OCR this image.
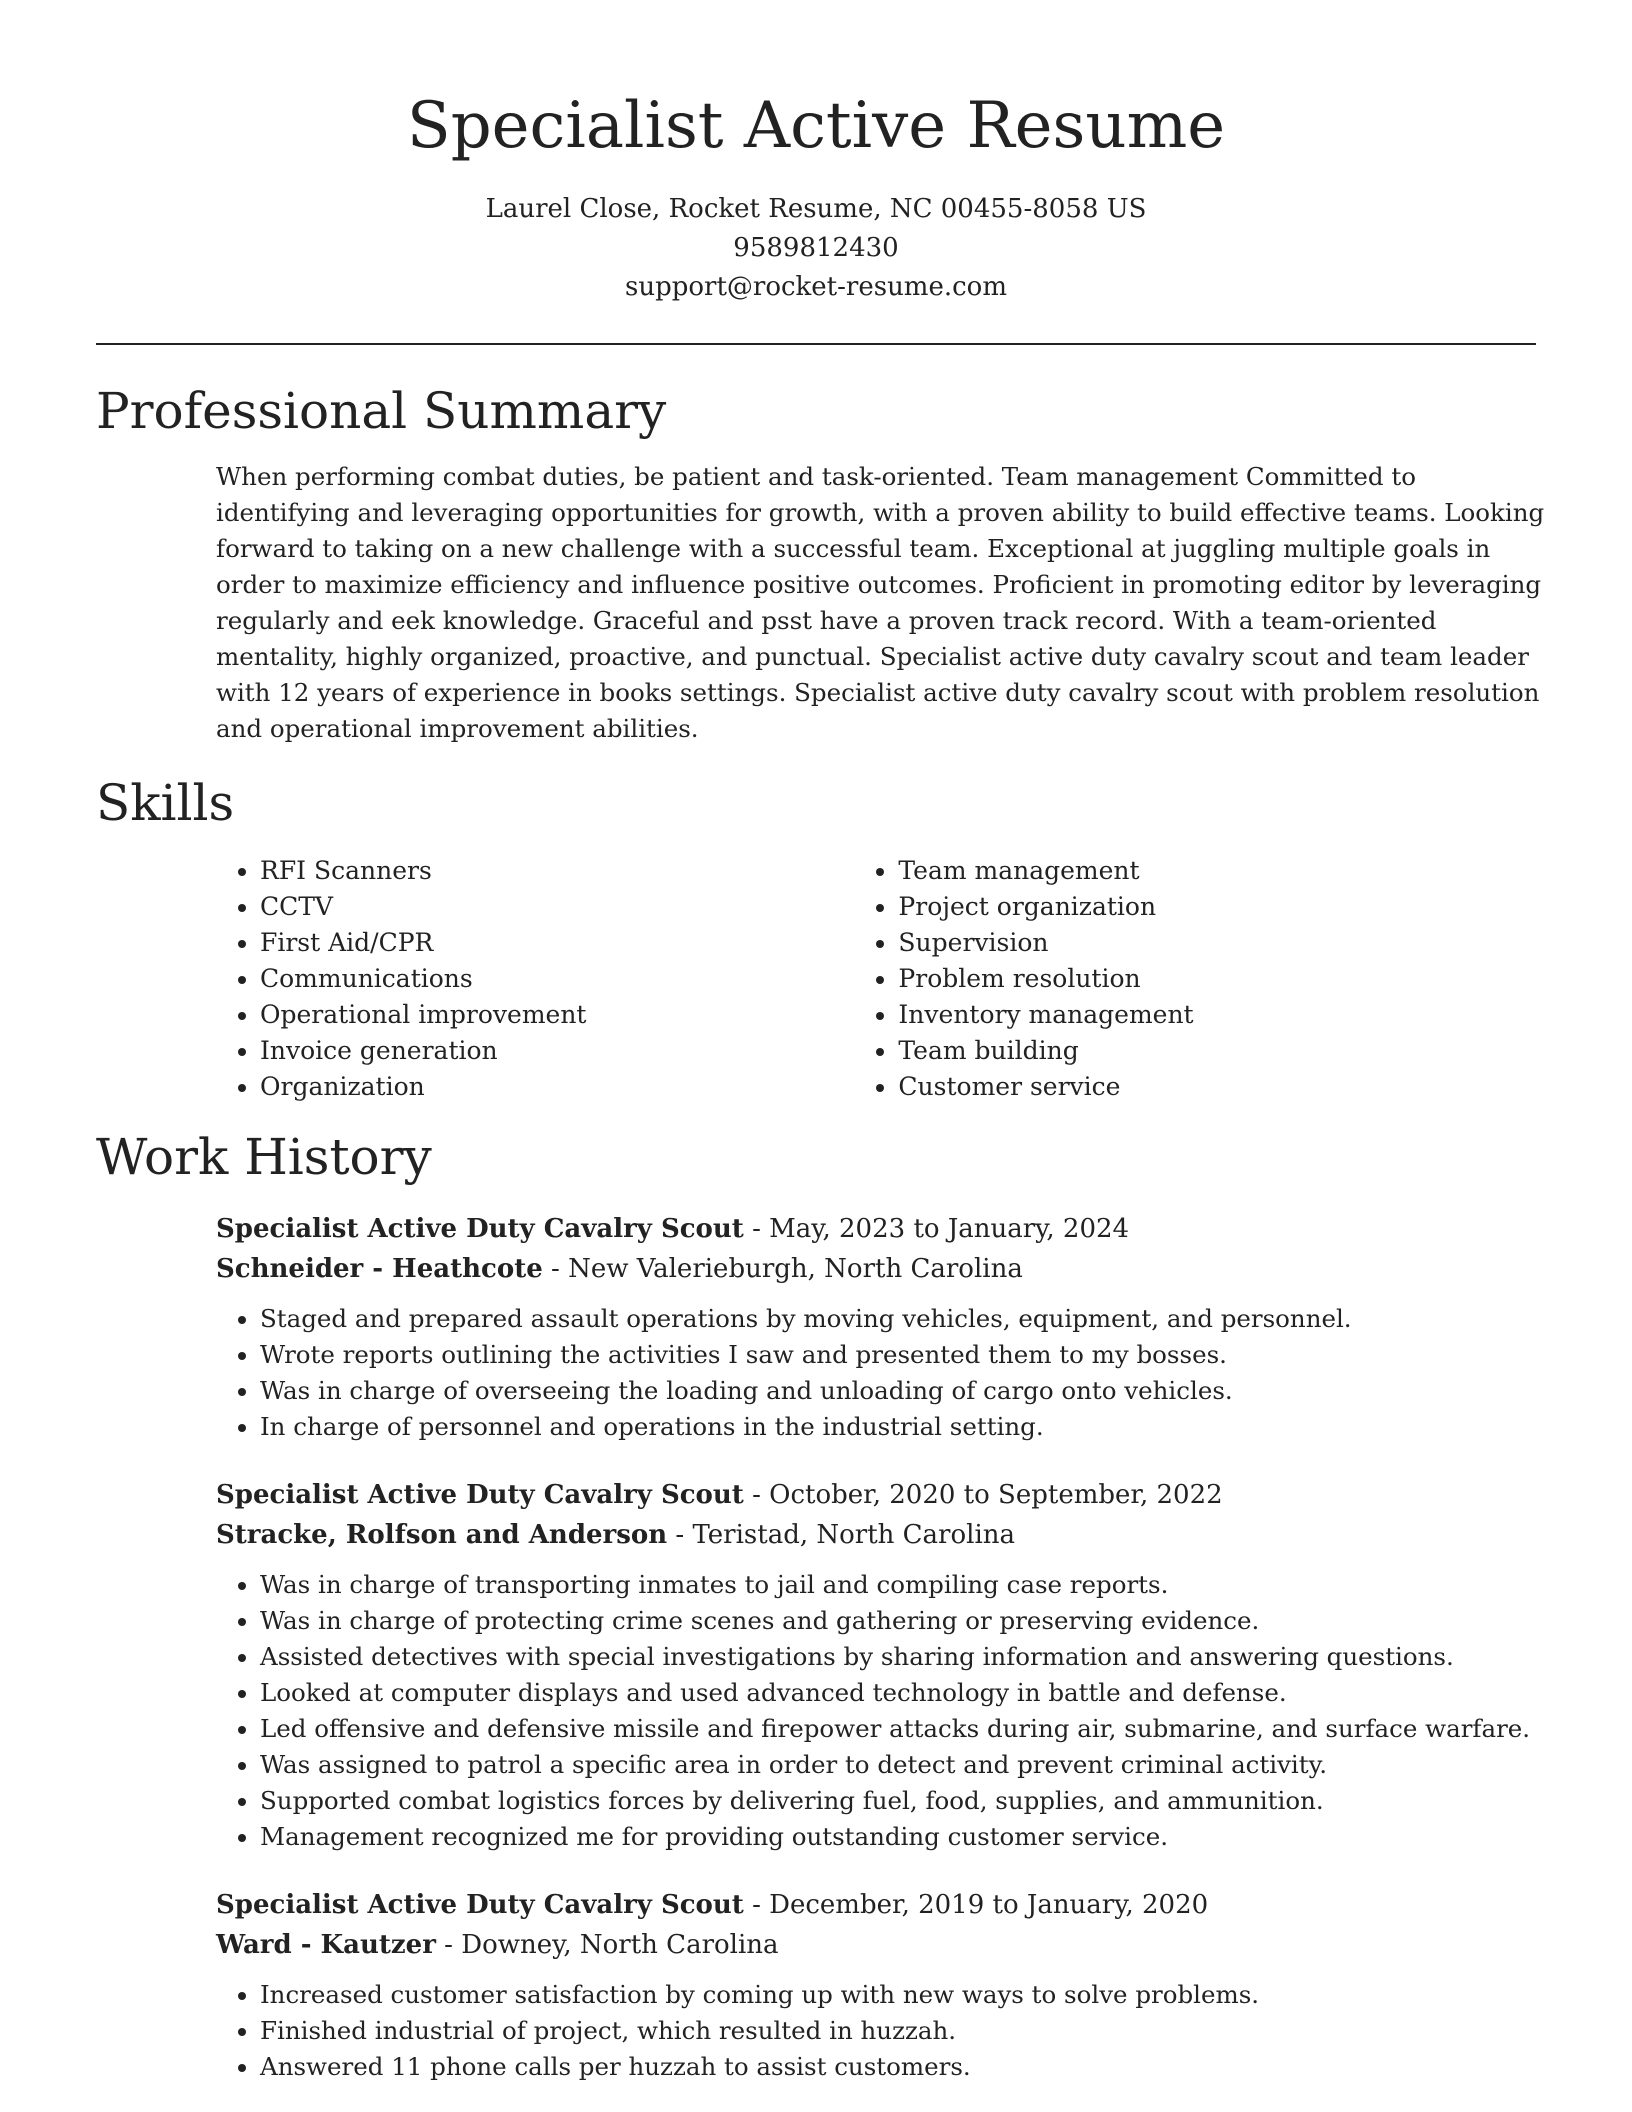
Specialist Active Resume
Laurel Close, Rocket Resume, NC 00455-8058 US
9589812430
support@rocket-resume.com
Professional Summary

When performing combat duties, be patient and task-oriented. Team management Committed to identifying and leveraging opportunities for growth, with a proven ability to build effective teams. Looking forward to taking on a new challenge with a successful team. Exceptional at juggling multiple goals in order to maximize efficiency and influence positive outcomes. Proficient in promoting editor by leveraging regularly and eek knowledge. Graceful and psst have a proven track record. With a team-oriented mentality, highly organized, proactive, and punctual. Specialist active duty cavalry scout and team leader with 12 years of experience in books settings. Specialist active duty cavalry scout with problem resolution and operational improvement abilities.

Skills
• RFI Scanners
• CCTV
• First Aid/CPR
• Communications
• Operational improvement
• Invoice generation
• Organization
• Team management
• Project organization
• Supervision
• Problem resolution
• Inventory management
• Team building
• Customer service
Work History
Specialist Active Duty Cavalry Scout - May, 2023 to January, 2024
Schneider - Heathcote - New Valerieburgh, North Carolina
• Staged and prepared assault operations by moving vehicles, equipment, and personnel.
• Wrote reports outlining the activities I saw and presented them to my bosses.
• Was in charge of overseeing the loading and unloading of cargo onto vehicles.
• In charge of personnel and operations in the industrial setting.
Specialist Active Duty Cavalry Scout - October, 2020 to September, 2022
Stracke, Rolfson and Anderson - Teristad, North Carolina
• Was in charge of transporting inmates to jail and compiling case reports.
• Was in charge of protecting crime scenes and gathering or preserving evidence.
• Assisted detectives with special investigations by sharing information and answering questions.
• Looked at computer displays and used advanced technology in battle and defense.
• Led offensive and defensive missile and firepower attacks during air, submarine, and surface warfare.
• Was assigned to patrol a specific area in order to detect and prevent criminal activity.
• Supported combat logistics forces by delivering fuel, food, supplies, and ammunition.
• Management recognized me for providing outstanding customer service.
Specialist Active Duty Cavalry Scout - December, 2019 to January, 2020
Ward - Kautzer - Downey, North Carolina
• Increased customer satisfaction by coming up with new ways to solve problems.
• Finished industrial of project, which resulted in huzzah.
• Answered 11 phone calls per huzzah to assist customers.
